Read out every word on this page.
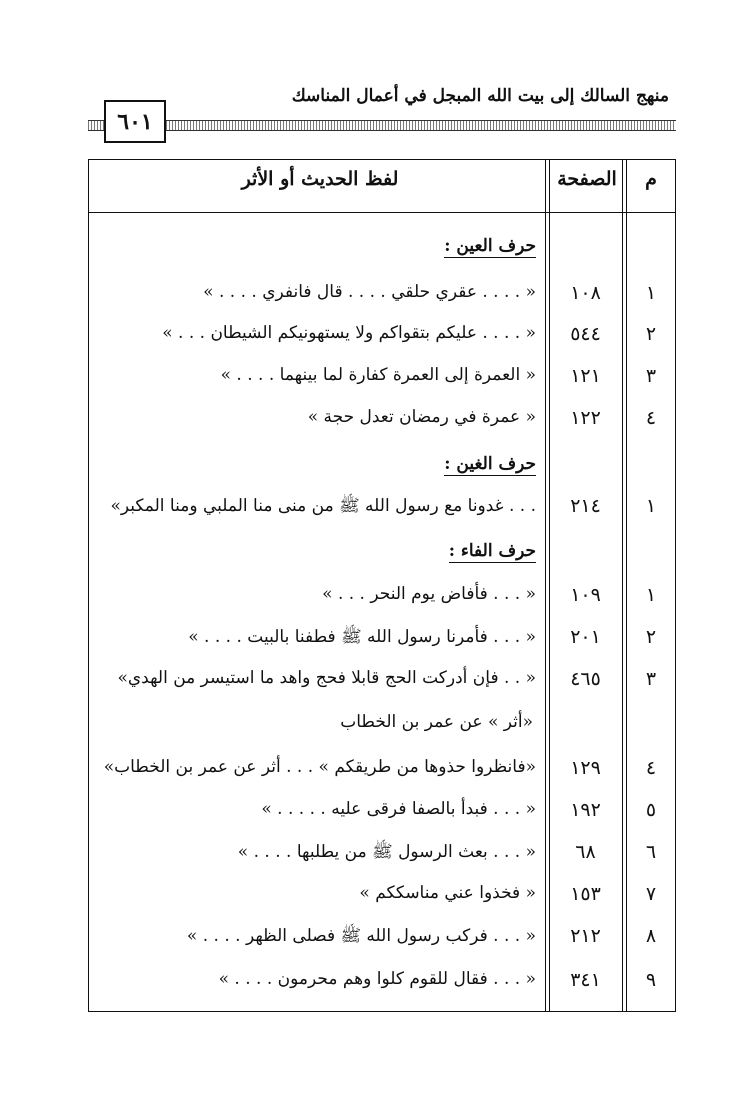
منهج السالك إلى بيت الله المبجل في أعمال المناسك
٦٠١
لفظ الحديث أو الأثر	الصفحة	م
حرف العين :
١
١٠٨
« . . . . عقري حلقي . . . . قال فانفري . . . . »
٢
٥٤٤
« . . . . عليكم بتقواكم ولا يستهونيكم الشيطان . . . »
٣
١٢١
« العمرة إلى العمرة كفارة لما بينهما . . . . »
٤
١٢٢
« عمرة في رمضان تعدل حجة »
حرف الغين :
١
٢١٤
. . . غدونا مع رسول الله ﷺ من منى منا الملبي ومنا المكبر»
حرف الفاء :
١
١٠٩
« . . . فأفاض يوم النحر . . . »
٢
٢٠١
« . . . فأمرنا رسول الله ﷺ فطفنا بالبيت . . . . »
٣
٤٦٥
« . . فإن أدركت الحج قابلا فحج واهد ما استيسر من الهدي»
«أثر » عن عمر بن الخطاب
٤
١٢٩
«فانظروا حذوها من طريقكم » . . . أثر عن عمر بن الخطاب»
٥
١٩٢
« . . . فبدأ بالصفا فرقى عليه . . . . . »
٦
٦٨
« . . . بعث الرسول ﷺ من يطلبها . . . . »
٧
١٥٣
« فخذوا عني مناسككم »
٨
٢١٢
« . . . فركب رسول الله ﷺ فصلى الظهر . . . . »
٩
٣٤١
« . . . فقال للقوم كلوا وهم محرمون . . . . »
